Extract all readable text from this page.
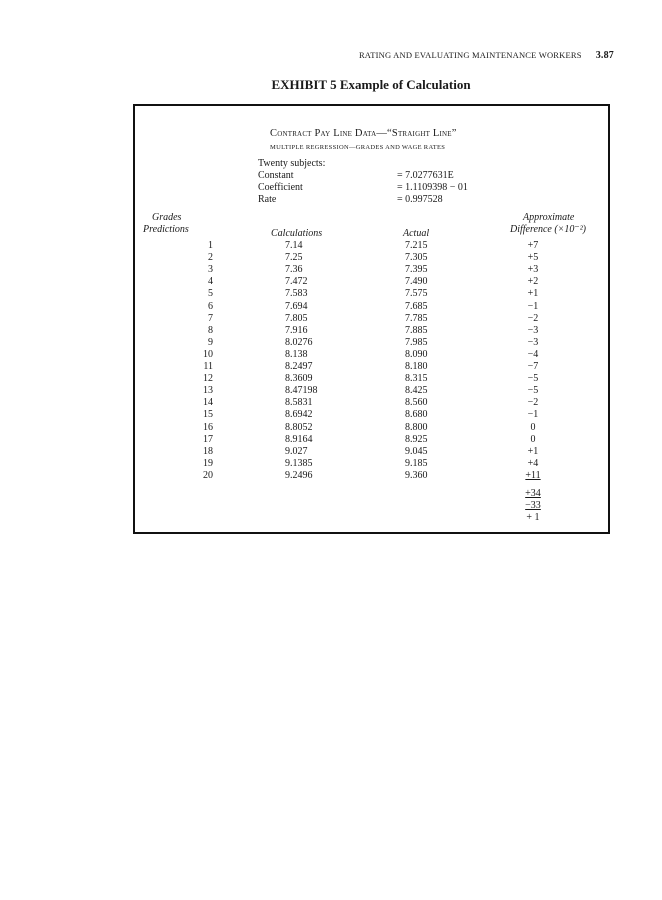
RATING AND EVALUATING MAINTENANCE WORKERS 3.87
EXHIBIT 5 Example of Calculation
Contract Pay Line Data—“Straight Line”
MULTIPLE REGRESSION—GRADES AND WAGE RATES
Twenty subjects:
Constant	= 7.0277631E
Coefficient	= 1.1109398 − 01
Rate	= 0.997528
Grades
Predictions	Calculations	Actual
Approximate
Difference (×10⁻²)
1	7.14	7.215	+7
2	7.25	7.305	+5
3	7.36	7.395	+3
4	7.472	7.490	+2
5	7.583	7.575	+1
6	7.694	7.685	−1
7	7.805	7.785	−2
8	7.916	7.885	−3
9	8.0276	7.985	−3
10	8.138	8.090	−4
11	8.2497	8.180	−7
12	8.3609	8.315	−5
13	8.47198	8.425	−5
14	8.5831	8.560	−2
15	8.6942	8.680	−1
16	8.8052	8.800	0
17	8.9164	8.925	0
18	9.027	9.045	+1
19	9.1385	9.185	+4
20	9.2496	9.360	+11
+34
−33
+ 1
